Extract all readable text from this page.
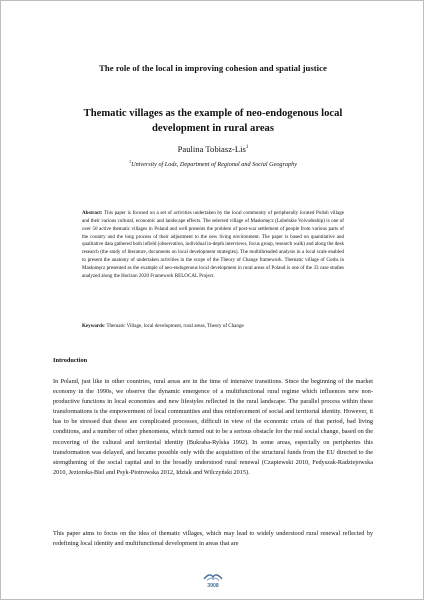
The role of the local in improving cohesion and spatial justice
Thematic villages as the example of neo-endogenous local development in rural areas
Paulina Tobiasz-Lis$^1$
$^1$University of Lodz, Department of Regional and Social Geography
Abstract: This paper is focused on a set of activities undertaken by the local community of peripherally located Polish village and their various cultural, economic and landscape effects. The selected village of Masłomęcz (Lubelskie Voivodeship) is one of over 50 active thematic villages in Poland and well presents the problem of post-war settlement of people from various parts of the country and the long process of their adjustment to the new living environment. The paper is based on quantitative and qualitative data gathered both infield (observation, individual in-depth interviews, focus group, research walk) and along the desk research (the study of literature, documents on local development strategies). The multithreaded analysis in a local scale enabled to present the anatomy of undertaken activities in the scope of the Theory of Change framework. Thematic village of Goths in Masłomęcz presented as the example of neo-endogenous local development in rural areas of Poland is one of the 33 case studies analyzed along the Horizon 2020 Framework RELOCAL Project.
Keywords: Thematic Village, local development, rural areas, Theory of Change
Introduction
In Poland, just like in other countries, rural areas are in the time of intensive transitions. Since the beginning of the market economy in the 1990s, we observe the dynamic emergence of a multifunctional rural regime which influences new non-productive functions in local economies and new lifestyles reflected in the rural landscape. The parallel process within these transformations is the empowerment of local communities and thus reinforcement of social and territorial identity. However, it has to be stressed that these are complicated processes, difficult in view of the economic crisis of that period, bad living conditions, and a number of other phenomena, which turned out to be a serious obstacle for the real social change, based on the recovering of the cultural and territorial identity (Bukraba-Rylska 1992). In some areas, especially on peripheries this transformation was delayed, and became possible only with the acquisition of the structural funds from the EU directed to the strengthening of the social capital and to the broadly understood rural renewal (Czapiewski 2010, Fedyszak-Radziejowska 2010, Jeziorska-Biel and Psyk-Piotrowska 2012, Idziak and Wilczyński 2015).
This paper aims to focus on the idea of thematic villages, which may lead to widely understood rural renewal reflected by redefining local identity and multifunctional development in areas that are
3908
